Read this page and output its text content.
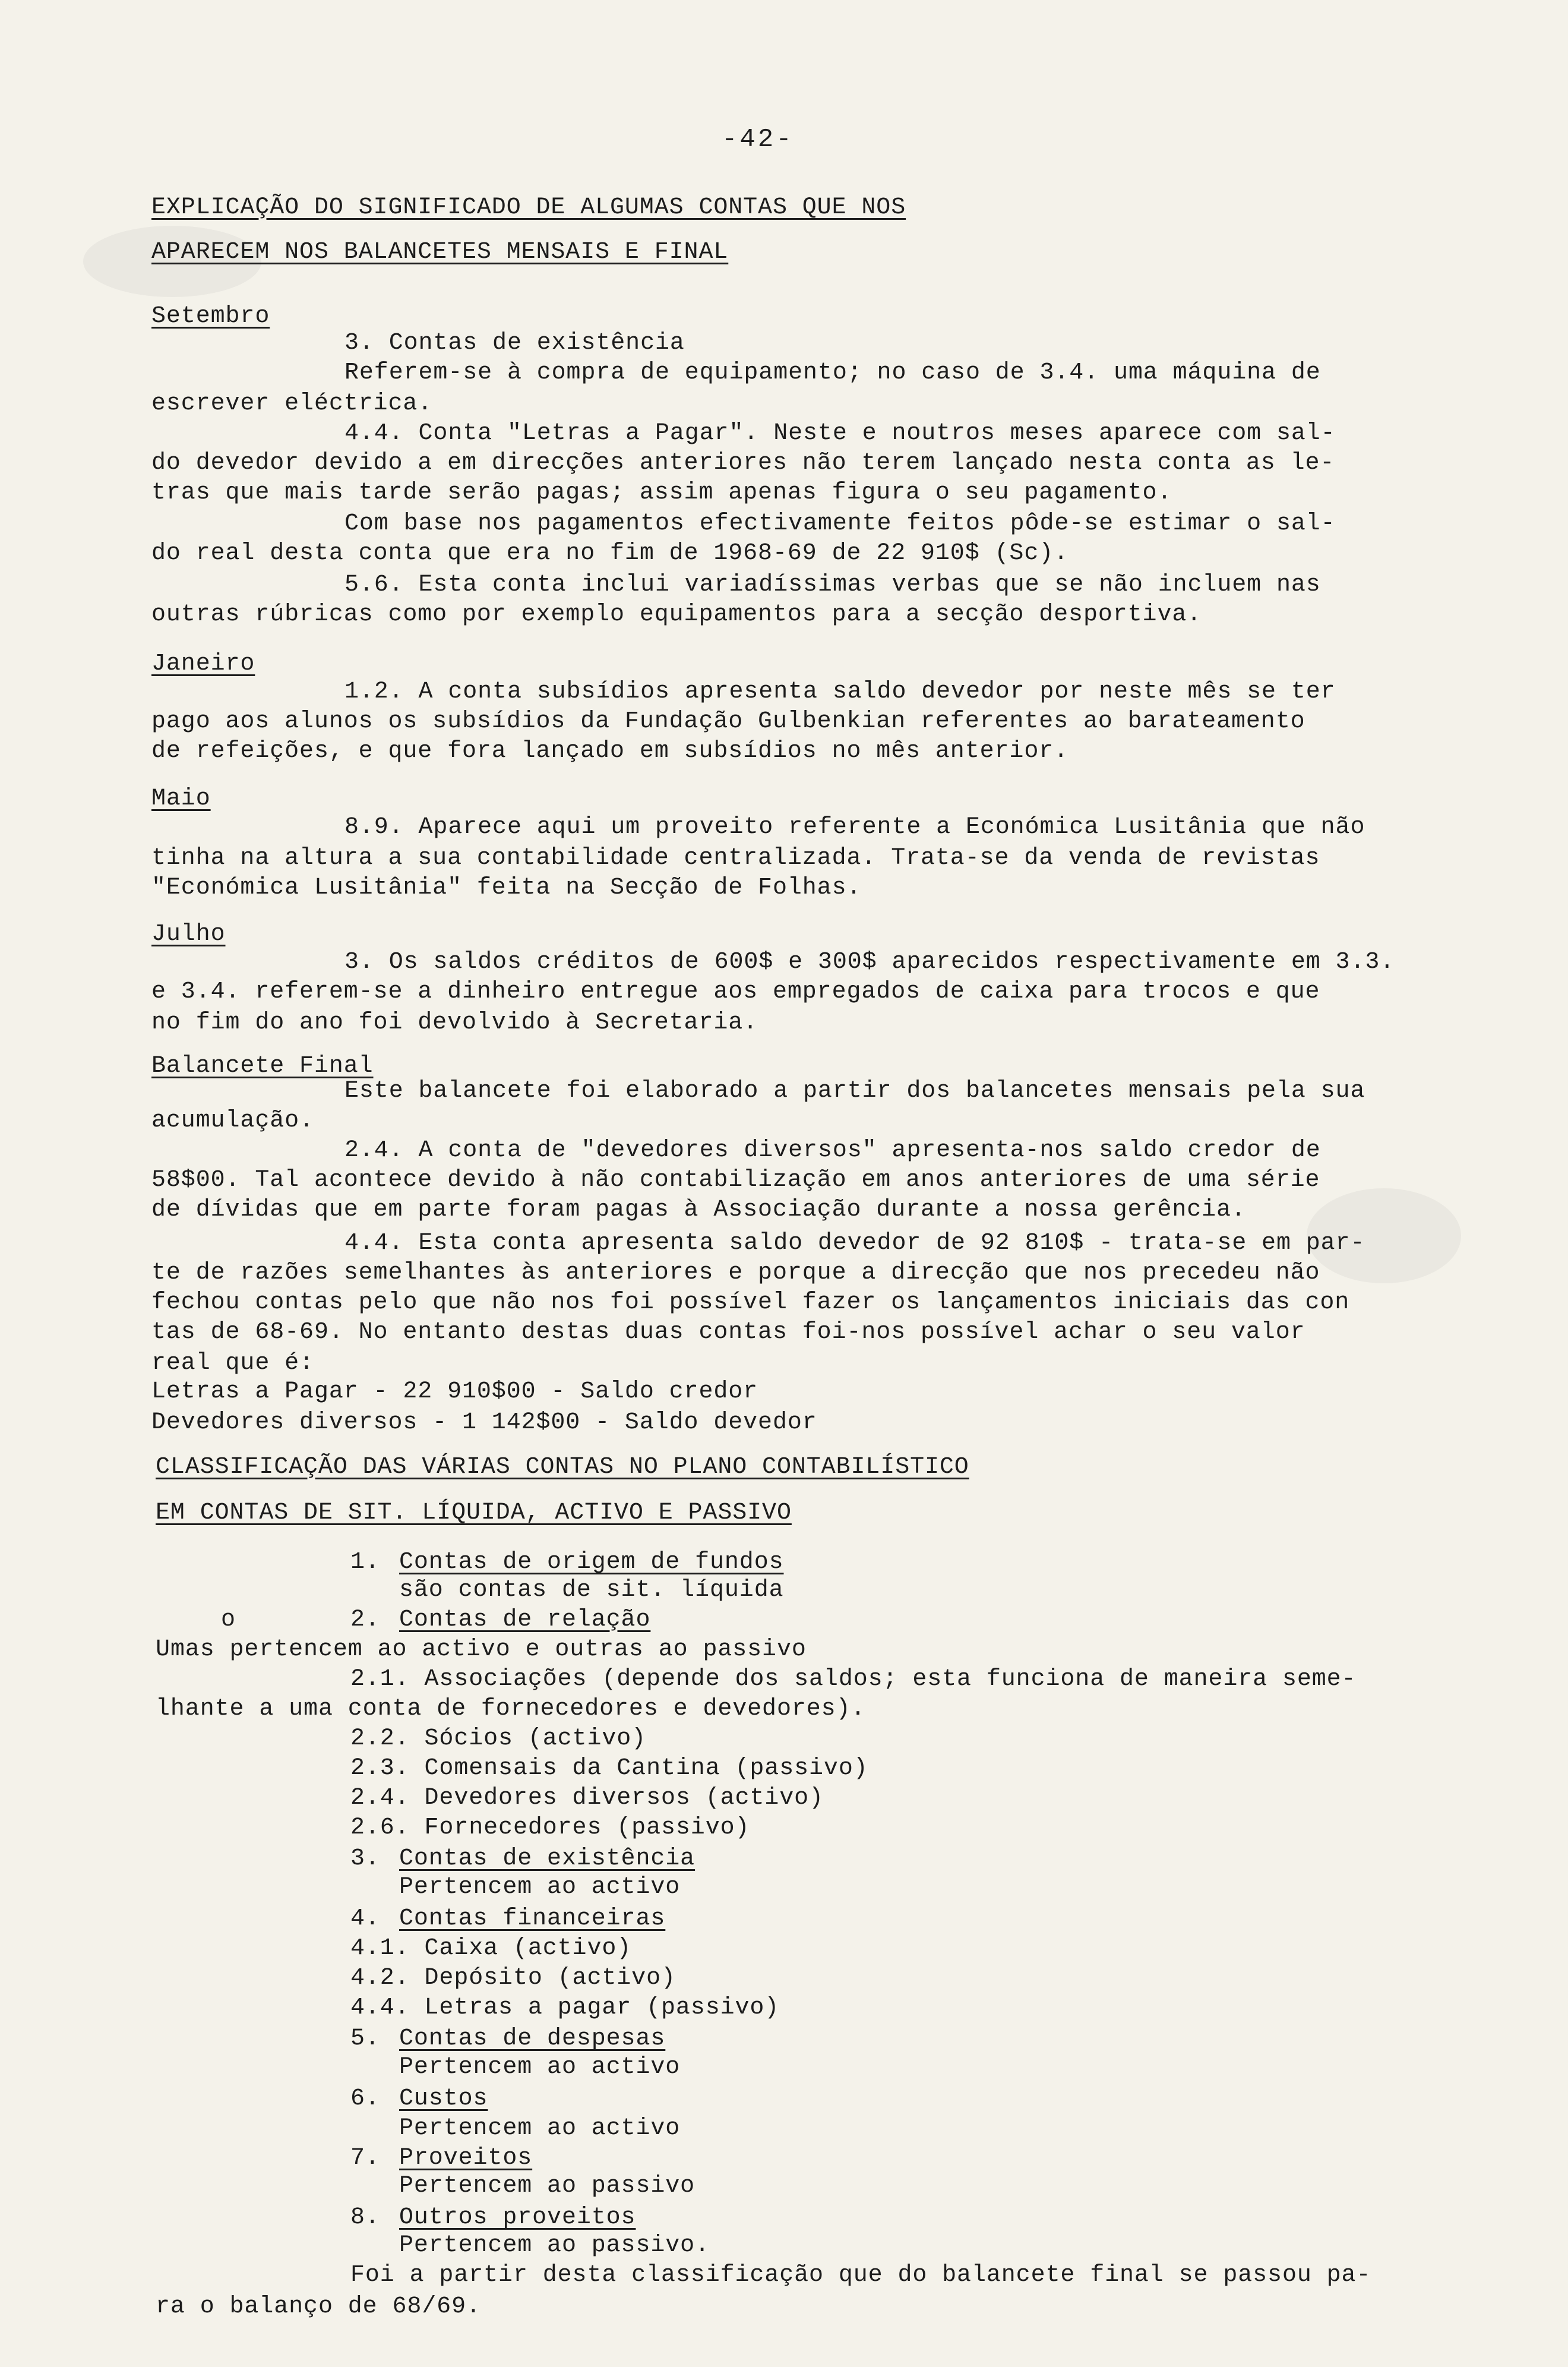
-42-
EXPLICAÇÃO DO SIGNIFICADO DE ALGUMAS CONTAS QUE NOS
APARECEM NOS BALANCETES MENSAIS E FINAL
Setembro
3. Contas de existência
Referem-se à compra de equipamento; no caso de 3.4. uma máquina de
escrever eléctrica.
4.4. Conta "Letras a Pagar". Neste e noutros meses aparece com sal-
do devedor devido a em direcções anteriores não terem lançado nesta conta as le-
tras que mais tarde serão pagas; assim apenas figura o seu pagamento.
Com base nos pagamentos efectivamente feitos pôde-se estimar o sal-
do real desta conta que era no fim de 1968-69 de 22 910$ (Sc).
5.6. Esta conta inclui variadíssimas verbas que se não incluem nas
outras rúbricas como por exemplo equipamentos para a secção desportiva.
Janeiro
1.2. A conta subsídios apresenta saldo devedor por neste mês se ter
pago aos alunos os subsídios da Fundação Gulbenkian referentes ao barateamento
de refeições, e que fora lançado em subsídios no mês anterior.
Maio
8.9. Aparece aqui um proveito referente a Económica Lusitânia que não
tinha na altura a sua contabilidade centralizada. Trata-se da venda de revistas
"Económica Lusitânia" feita na Secção de Folhas.
Julho
3. Os saldos créditos de 600$ e 300$ aparecidos respectivamente em 3.3.
e 3.4. referem-se a dinheiro entregue aos empregados de caixa para trocos e que
no fim do ano foi devolvido à Secretaria.
Balancete Final
Este balancete foi elaborado a partir dos balancetes mensais pela sua
acumulação.
2.4. A conta de "devedores diversos" apresenta-nos saldo credor de
58$00. Tal acontece devido à não contabilização em anos anteriores de uma série
de dívidas que em parte foram pagas à Associação durante a nossa gerência.
4.4. Esta conta apresenta saldo devedor de 92 810$ - trata-se em par-
te de razões semelhantes às anteriores e porque a direcção que nos precedeu não
fechou contas pelo que não nos foi possível fazer os lançamentos iniciais das con
tas de 68-69. No entanto destas duas contas foi-nos possível achar o seu valor
real que é:
Letras a Pagar - 22 910$00 - Saldo credor
Devedores diversos - 1 142$00 - Saldo devedor
CLASSIFICAÇÃO DAS VÁRIAS CONTAS NO PLANO CONTABILÍSTICO
EM CONTAS DE SIT. LÍQUIDA, ACTIVO E PASSIVO
1. Contas de origem de fundos
são contas de sit. líquida
o	2. Contas de relação
Umas pertencem ao activo e outras ao passivo
2.1. Associações (depende dos saldos; esta funciona de maneira seme-
lhante a uma conta de fornecedores e devedores).
2.2. Sócios (activo)
2.3. Comensais da Cantina (passivo)
2.4. Devedores diversos (activo)
2.6. Fornecedores (passivo)
3. Contas de existência
Pertencem ao activo
4. Contas financeiras
4.1. Caixa (activo)
4.2. Depósito (activo)
4.4. Letras a pagar (passivo)
5. Contas de despesas
Pertencem ao activo
6. Custos
Pertencem ao activo
7. Proveitos
Pertencem ao passivo
8. Outros proveitos
Pertencem ao passivo.
Foi a partir desta classificação que do balancete final se passou pa-
ra o balanço de 68/69.
